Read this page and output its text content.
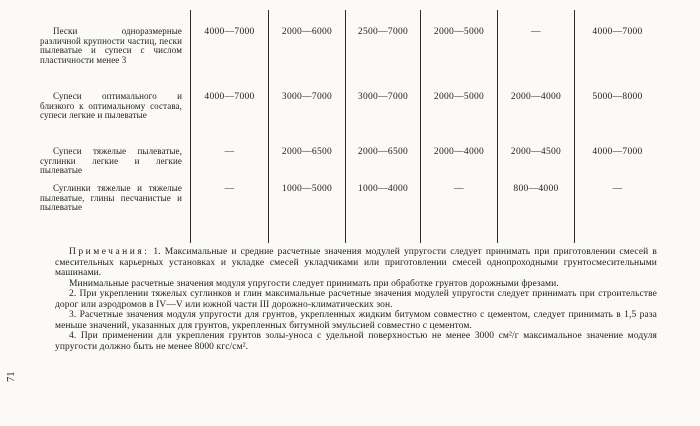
Пески одноразмерные различной крупности частиц, пески пылеватые и супеси с числом пластичности менее 3
4000—7000	2000—6000	2500—7000	2000—5000	—	4000—7000
Супеси оптимального и близкого к оптимальному состава, супеси легкие и пылеватые
4000—7000	3000—7000	3000—7000	2000—5000	2000—4000	5000—8000
Супеси тяжелые пылеватые, суглинки легкие и легкие пылеватые
—	2000—6500	2000—6500	2000—4000	2000—4500	4000—7000
Суглинки тяжелые и тяжелые пылеватые, глины песчанистые и пылеватые
—	1000—5000	1000—4000	—	800—4000	—

Примечания: 1. Максимальные и средние расчетные значения модулей упругости следует принимать при приготовлении смесей в смесительных карьерных установках и укладке смесей укладчиками или приготовлении смесей однопроходными грунтосмесительными машинами.

Минимальные расчетные значения модуля упругости следует принимать при обработке грунтов дорожными фрезами.

2. При укреплении тяжелых суглинков и глин максимальные расчетные значения модулей упругости следует принимать при строительстве дорог или аэродромов в IV—V или южной части III дорожно-климатических зон.

3. Расчетные значения модуля упругости для грунтов, укрепленных жидким битумом совместно с цементом, следует принимать в 1,5 раза меньше значений, указанных для грунтов, укрепленных битумной эмульсией совместно с цементом.

4. При применении для укрепления грунтов золы-уноса с удельной поверхностью не менее 3000 см²/г максимальное значение модуля упругости должно быть не менее 8000 кгс/см².

71
